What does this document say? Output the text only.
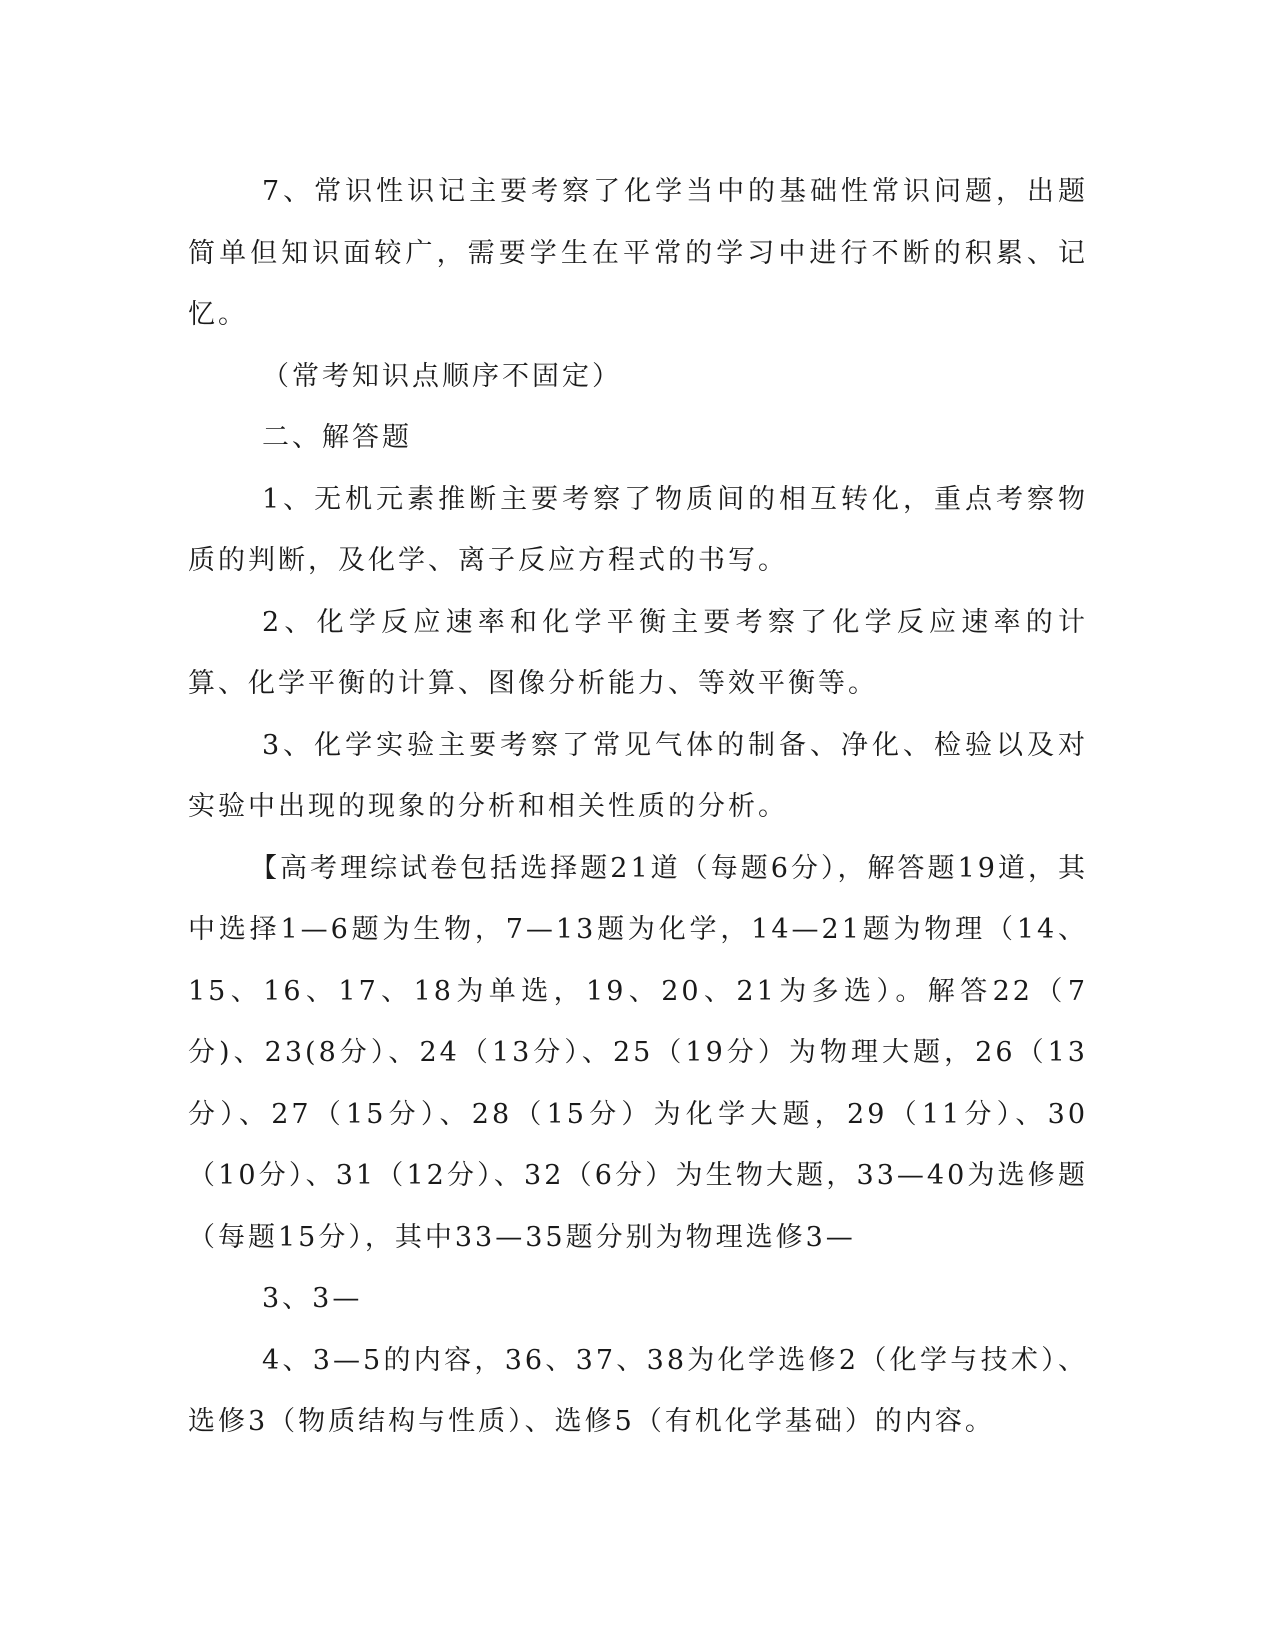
7、常识性识记主要考察了化学当中的基础性常识问题，出题简单但知识面较广，需要学生在平常的学习中进行不断的积累、记忆。

（常考知识点顺序不固定）

二、解答题

1、无机元素推断主要考察了物质间的相互转化，重点考察物质的判断，及化学、离子反应方程式的书写。

2、化学反应速率和化学平衡主要考察了化学反应速率的计算、化学平衡的计算、图像分析能力、等效平衡等。

3、化学实验主要考察了常见气体的制备、净化、检验以及对实验中出现的现象的分析和相关性质的分析。

【高考理综试卷包括选择题21道（每题6分），解答题19道，其中选择1—6题为生物，7—13题为化学，14—21题为物理（14、15、16、17、18为单选，19、20、21为多选）。解答22（7分)、23(8分）、24（13分）、25（19分）为物理大题，26（13分）、27（15分）、28（15分）为化学大题，29（11分）、30（10分）、31（12分）、32（6分）为生物大题，33—40为选修题（每题15分），其中33—35题分别为物理选修3—

3、3—

4、3—5的内容，36、37、38为化学选修2（化学与技术）、选修3（物质结构与性质）、选修5（有机化学基础）的内容。
